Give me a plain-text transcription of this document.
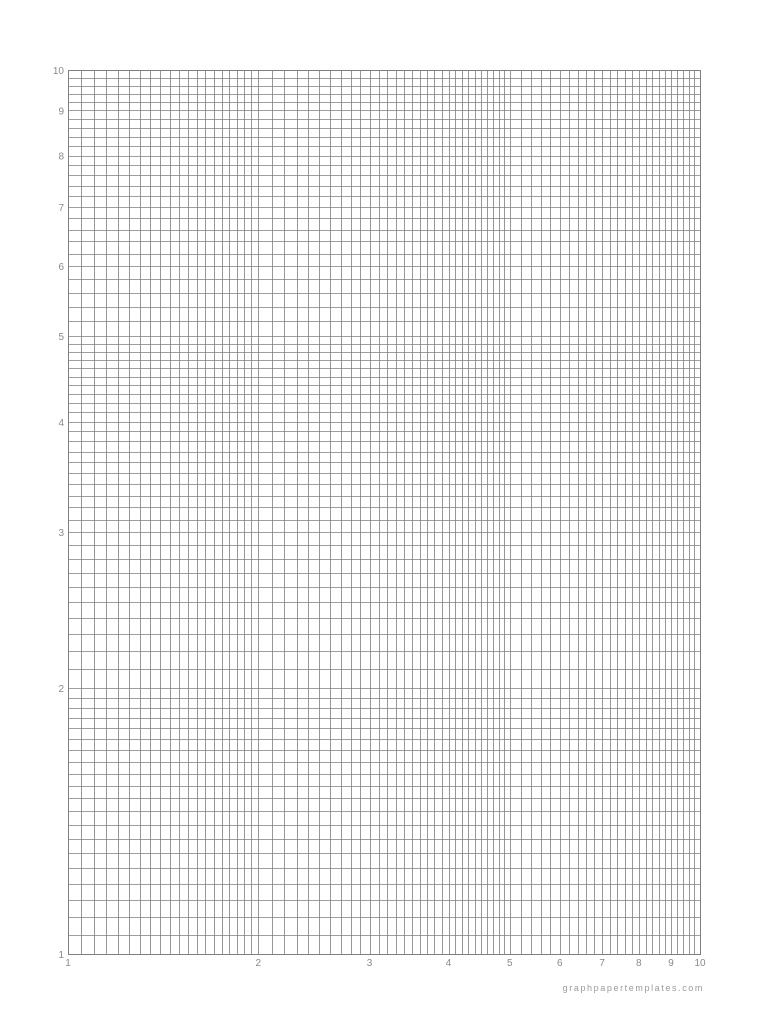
1	2	3	4	5	6	7	8	9 10
1
2
3
4
5
6
7
8
9
10
graphpapertemplates.com
